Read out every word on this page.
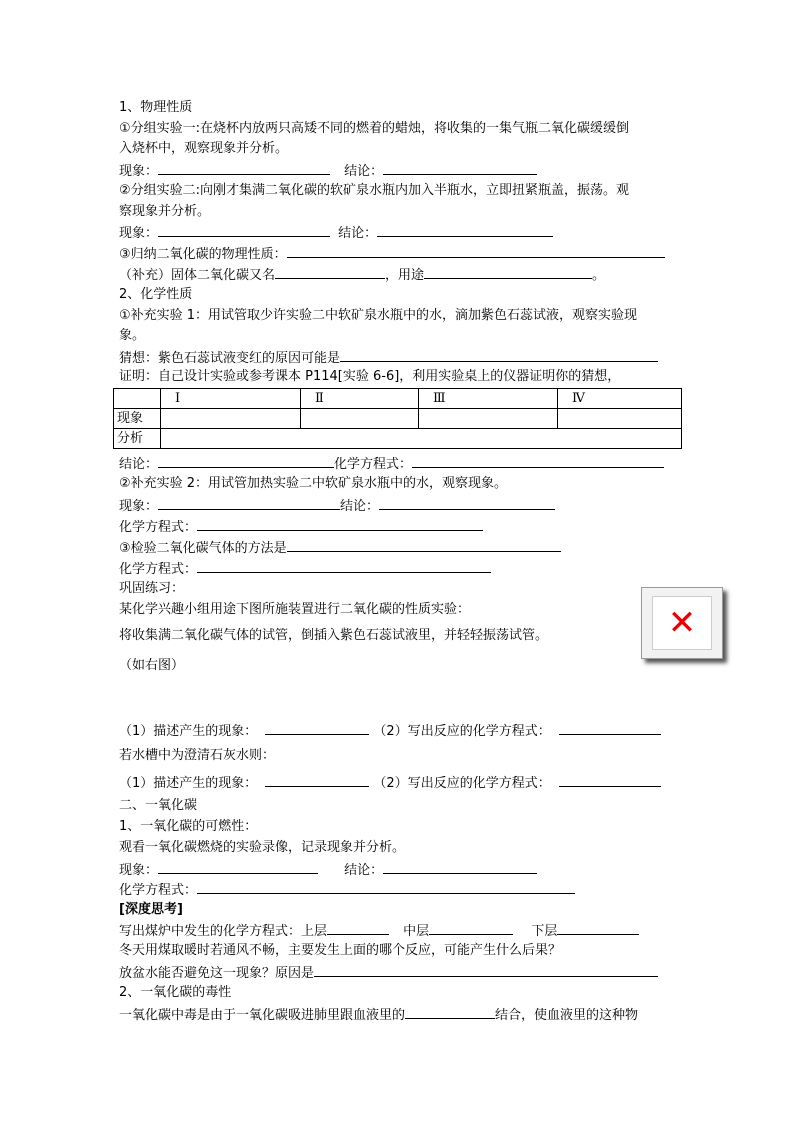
1、物理性质
①分组实验一:在烧杯内放两只高矮不同的燃着的蜡烛，将收集的一集气瓶二氧化碳缓缓倒
入烧杯中，观察现象并分析。
现象：	结论：
②分组实验二:向刚才集满二氧化碳的软矿泉水瓶内加入半瓶水，立即扭紧瓶盖，振荡。观
察现象并分析。
现象：	结论：
③归纳二氧化碳的物理性质：
（补充）固体二氧化碳又名	，用途	。
2、化学性质
①补充实验 1：用试管取少许实验二中软矿泉水瓶中的水，滴加紫色石蕊试液，观察实验现
象。
猜想：紫色石蕊试液变红的原因可能是
证明：自己设计实验或参考课本 P114[实验 6-6]，利用实验桌上的仪器证明你的猜想，
	Ⅰ	Ⅱ	Ⅲ	Ⅳ
现象				
分析				
结论：	化学方程式：
②补充实验 2：用试管加热实验二中软矿泉水瓶中的水，观察现象。
现象：	结论：
化学方程式：
③检验二氧化碳气体的方法是
化学方程式：
巩固练习：
某化学兴趣小组用途下图所施装置进行二氧化碳的性质实验：
将收集满二氧化碳气体的试管，倒插入紫色石蕊试液里，并轻轻振荡试管。
（如右图）
✕
（1）描述产生的现象：	（2）写出反应的化学方程式：
若水槽中为澄清石灰水则：
（1）描述产生的现象：	（2）写出反应的化学方程式：
二、一氧化碳
1、一氧化碳的可燃性：
观看一氧化碳燃烧的实验录像，记录现象并分析。
现象：	结论：
化学方程式：
[深度思考]
写出煤炉中发生的化学方程式：上层	中层	下层
冬天用煤取暖时若通风不畅，主要发生上面的哪个反应，可能产生什么后果？
放盆水能否避免这一现象？原因是
2、一氧化碳的毒性
一氧化碳中毒是由于一氧化碳吸进肺里跟血液里的	结合，使血液里的这种物
